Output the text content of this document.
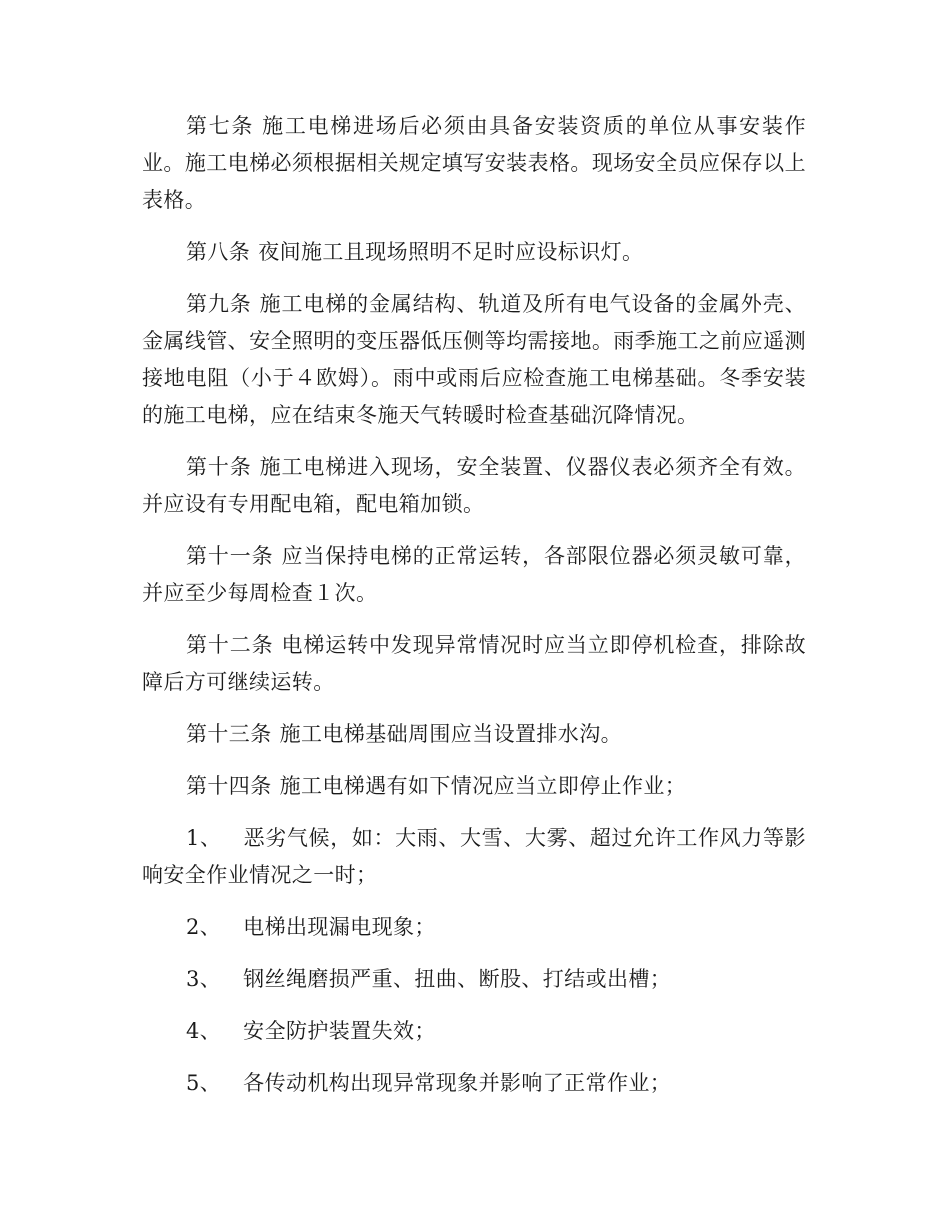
第七条 施工电梯进场后必须由具备安装资质的单位从事安装作业。施工电梯必须根据相关规定填写安装表格。现场安全员应保存以上表格。

第八条 夜间施工且现场照明不足时应设标识灯。

第九条 施工电梯的金属结构、轨道及所有电气设备的金属外壳、金属线管、安全照明的变压器低压侧等均需接地。雨季施工之前应遥测接地电阻（小于４欧姆）。雨中或雨后应检查施工电梯基础。冬季安装的施工电梯，应在结束冬施天气转暖时检查基础沉降情况。

第十条 施工电梯进入现场，安全装置、仪器仪表必须齐全有效。并应设有专用配电箱，配电箱加锁。

第十一条 应当保持电梯的正常运转，各部限位器必须灵敏可靠，并应至少每周检查１次。

第十二条 电梯运转中发现异常情况时应当立即停机检查，排除故障后方可继续运转。

第十三条 施工电梯基础周围应当设置排水沟。

第十四条 施工电梯遇有如下情况应当立即停止作业；

1、 恶劣气候，如：大雨、大雪、大雾、超过允许工作风力等影响安全作业情况之一时；

2、 电梯出现漏电现象；

3、 钢丝绳磨损严重、扭曲、断股、打结或出槽；

4、 安全防护装置失效；

5、 各传动机构出现异常现象并影响了正常作业；
